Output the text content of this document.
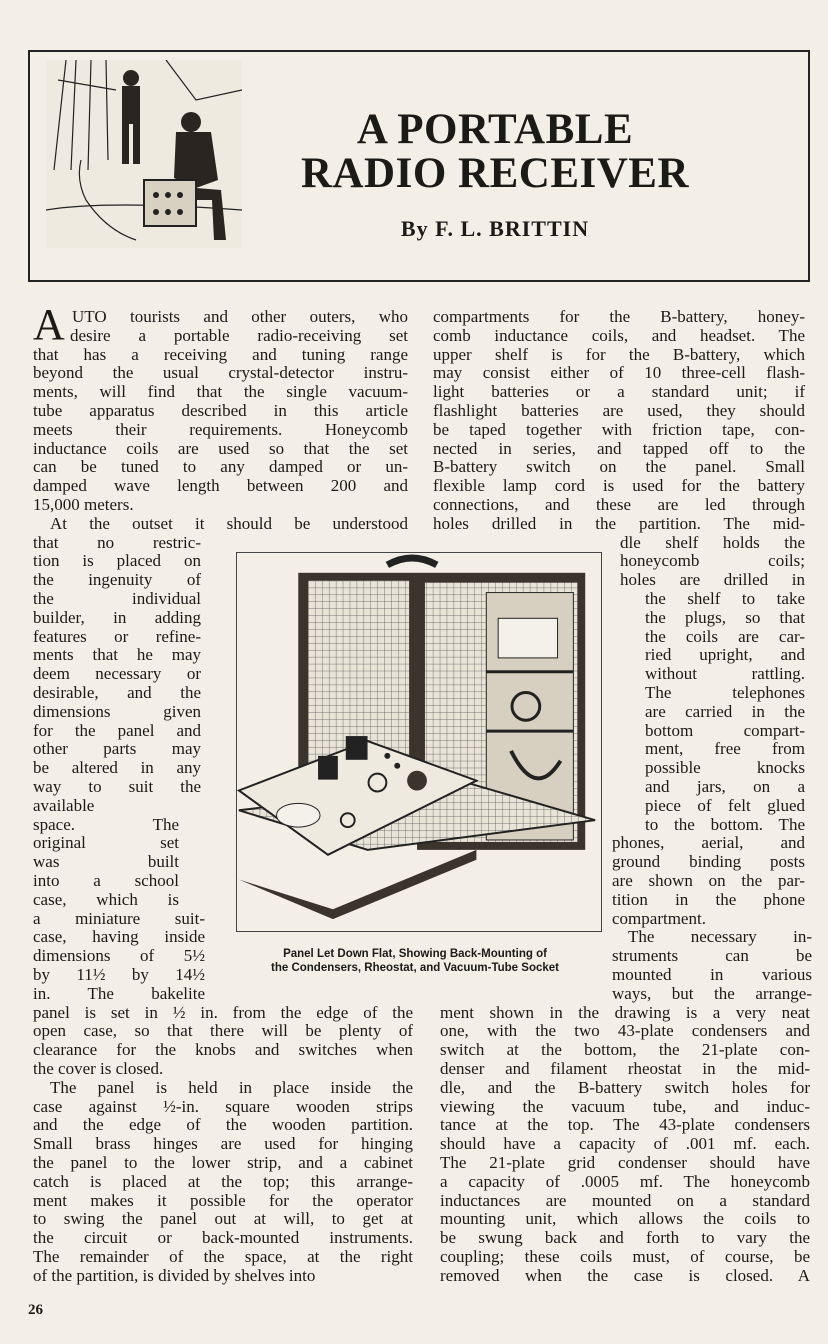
A PORTABLE
RADIO RECEIVER
By F. L. BRITTIN
A UTO tourists and other outers, who
desire a portable radio-receiving set
that has a receiving and tuning range
beyond the usual crystal-detector instru-
ments, will find that the single vacuum-
tube apparatus described in this article
meets their requirements. Honeycomb
inductance coils are used so that the set
can be tuned to any damped or un-
damped wave length between 200 and
15,000 meters.
At the outset it should be understood
that no restric-
tion is placed on
the ingenuity of
the individual
builder, in adding
features or refine-
ments that he may
deem necessary or
desirable, and the
dimensions given
for the panel and
other parts may
be altered in any
way to suit the
available
space. The
original set
was built
into a school
case, which is
a miniature suit-
case, having inside
dimensions of 5½
by 11½ by 14½
in. The bakelite
panel is set in ½ in. from the edge of the
open case, so that there will be plenty of
clearance for the knobs and switches when
the cover is closed.
The panel is held in place inside the
case against ½-in. square wooden strips
and the edge of the wooden partition.
Small brass hinges are used for hinging
the panel to the lower strip, and a cabinet
catch is placed at the top; this arrange-
ment makes it possible for the operator
to swing the panel out at will, to get at
the circuit or back-mounted instruments.
The remainder of the space, at the right
of the partition, is divided by shelves into
compartments for the B-battery, honey-
comb inductance coils, and headset. The
upper shelf is for the B-battery, which
may consist either of 10 three-cell flash-
light batteries or a standard unit; if
flashlight batteries are used, they should
be taped together with friction tape, con-
nected in series, and tapped off to the
B-battery switch on the panel. Small
flexible lamp cord is used for the battery
connections, and these are led through
holes drilled in the partition. The mid-
dle shelf holds the
honeycomb coils;
holes are drilled in
the shelf to take
the plugs, so that
the coils are car-
ried upright, and
without rattling.
The telephones
are carried in the
bottom compart-
ment, free from
possible knocks
and jars, on a
piece of felt glued
to the bottom. The
phones, aerial, and
ground binding posts
are shown on the par-
tition in the phone
compartment.
The necessary in-
struments can be
mounted in various
ways, but the arrange-
ment shown in the drawing is a very neat
one, with the two 43-plate condensers and
switch at the bottom, the 21-plate con-
denser and filament rheostat in the mid-
dle, and the B-battery switch holes for
viewing the vacuum tube, and induc-
tance at the top. The 43-plate condensers
should have a capacity of .001 mf. each.
The 21-plate grid condenser should have
a capacity of .0005 mf. The honeycomb
inductances are mounted on a standard
mounting unit, which allows the coils to
be swung back and forth to vary the
coupling; these coils must, of course, be
removed when the case is closed. A
Panel Let Down Flat, Showing Back-Mounting of
the Condensers, Rheostat, and Vacuum-Tube Socket
26
